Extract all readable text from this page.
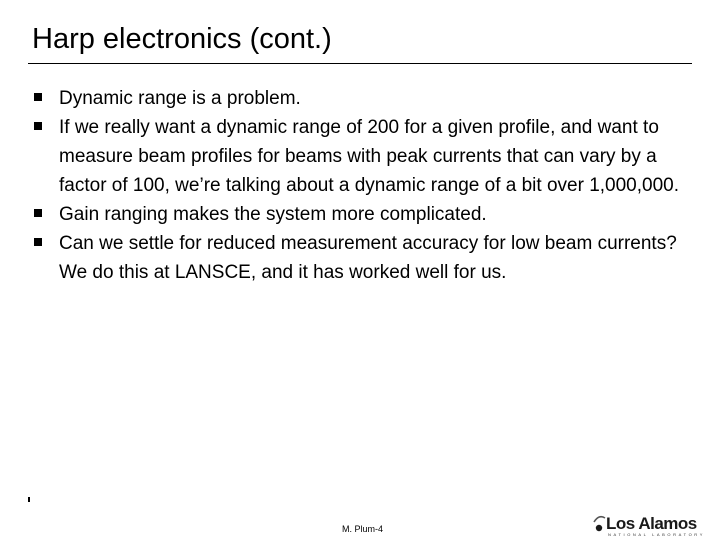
Harp electronics (cont.)
Dynamic range is a problem.
If we really want a dynamic range of 200 for a given profile, and want to measure beam profiles for beams with peak currents that can vary by a factor of 100, we’re talking about a dynamic range of a bit over 1,000,000.
Gain ranging makes the system more complicated.
Can we settle for reduced measurement accuracy for low beam currents? We do this at LANSCE, and it has worked well for us.
M. Plum-4	Los Alamos
NATIONAL LABORATORY
